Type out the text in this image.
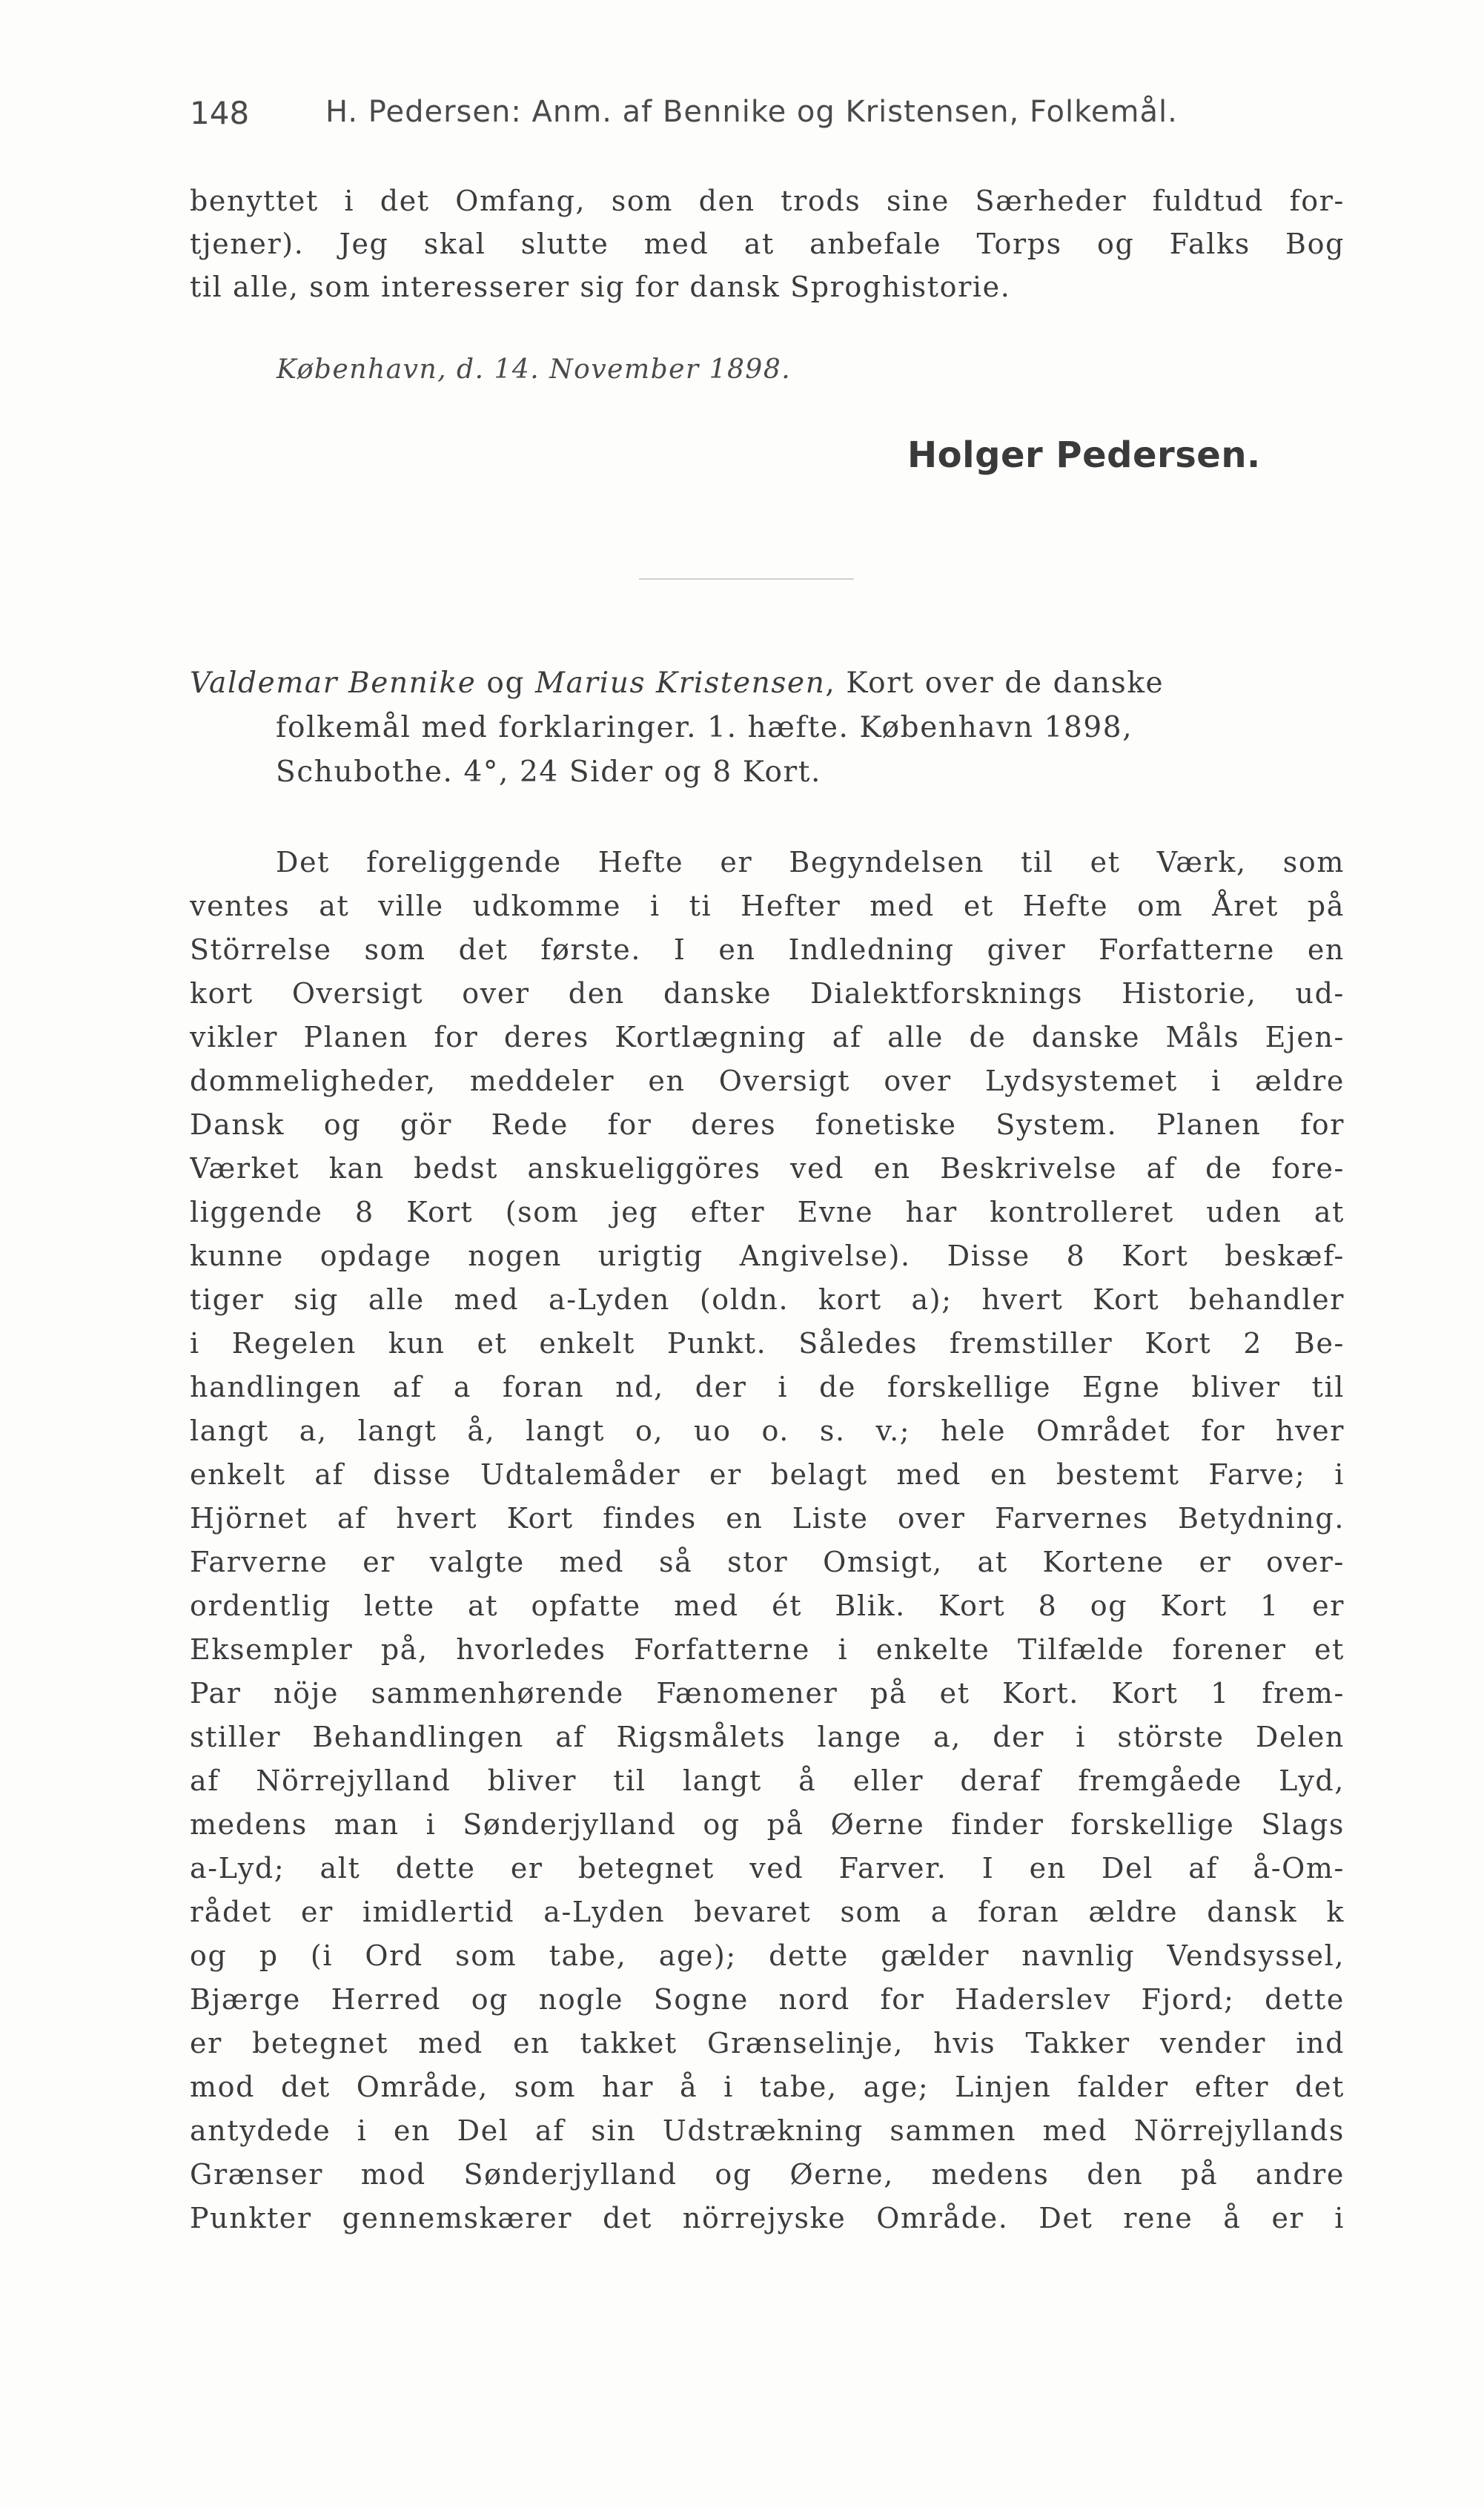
148	H. Pedersen: Anm. af Bennike og Kristensen, Folkemål.
benyttet i det Omfang, som den trods sine Særheder fuldtud for-
tjener). Jeg skal slutte med at anbefale Torps og Falks Bog
til alle, som interesserer sig for dansk Sproghistorie.
København, d. 14. November 1898.
Holger Pedersen.
Valdemar Bennike og Marius Kristensen, Kort over de danske
folkemål med forklaringer. 1. hæfte. København 1898,
Schubothe. 4°, 24 Sider og 8 Kort.
Det foreliggende Hefte er Begyndelsen til et Værk, som
ventes at ville udkomme i ti Hefter med et Hefte om Året på
Störrelse som det første. I en Indledning giver Forfatterne en
kort Oversigt over den danske Dialektforsknings Historie, ud-
vikler Planen for deres Kortlægning af alle de danske Måls Ejen-
dommeligheder, meddeler en Oversigt over Lydsystemet i ældre
Dansk og gör Rede for deres fonetiske System. Planen for
Værket kan bedst anskueliggöres ved en Beskrivelse af de fore-
liggende 8 Kort (som jeg efter Evne har kontrolleret uden at
kunne opdage nogen urigtig Angivelse). Disse 8 Kort beskæf-
tiger sig alle med a-Lyden (oldn. kort a); hvert Kort behandler
i Regelen kun et enkelt Punkt. Således fremstiller Kort 2 Be-
handlingen af a foran nd, der i de forskellige Egne bliver til
langt a, langt å, langt o, uo o. s. v.; hele Området for hver
enkelt af disse Udtalemåder er belagt med en bestemt Farve; i
Hjörnet af hvert Kort findes en Liste over Farvernes Betydning.
Farverne er valgte med så stor Omsigt, at Kortene er over-
ordentlig lette at opfatte med ét Blik. Kort 8 og Kort 1 er
Eksempler på, hvorledes Forfatterne i enkelte Tilfælde forener et
Par nöje sammenhørende Fænomener på et Kort. Kort 1 frem-
stiller Behandlingen af Rigsmålets lange a, der i störste Delen
af Nörrejylland bliver til langt å eller deraf fremgåede Lyd,
medens man i Sønderjylland og på Øerne finder forskellige Slags
a-Lyd; alt dette er betegnet ved Farver. I en Del af å-Om-
rådet er imidlertid a-Lyden bevaret som a foran ældre dansk k
og p (i Ord som tabe, age); dette gælder navnlig Vendsyssel,
Bjærge Herred og nogle Sogne nord for Haderslev Fjord; dette
er betegnet med en takket Grænselinje, hvis Takker vender ind
mod det Område, som har å i tabe, age; Linjen falder efter det
antydede i en Del af sin Udstrækning sammen med Nörrejyllands
Grænser mod Sønderjylland og Øerne, medens den på andre
Punkter gennemskærer det nörrejyske Område. Det rene å er i
